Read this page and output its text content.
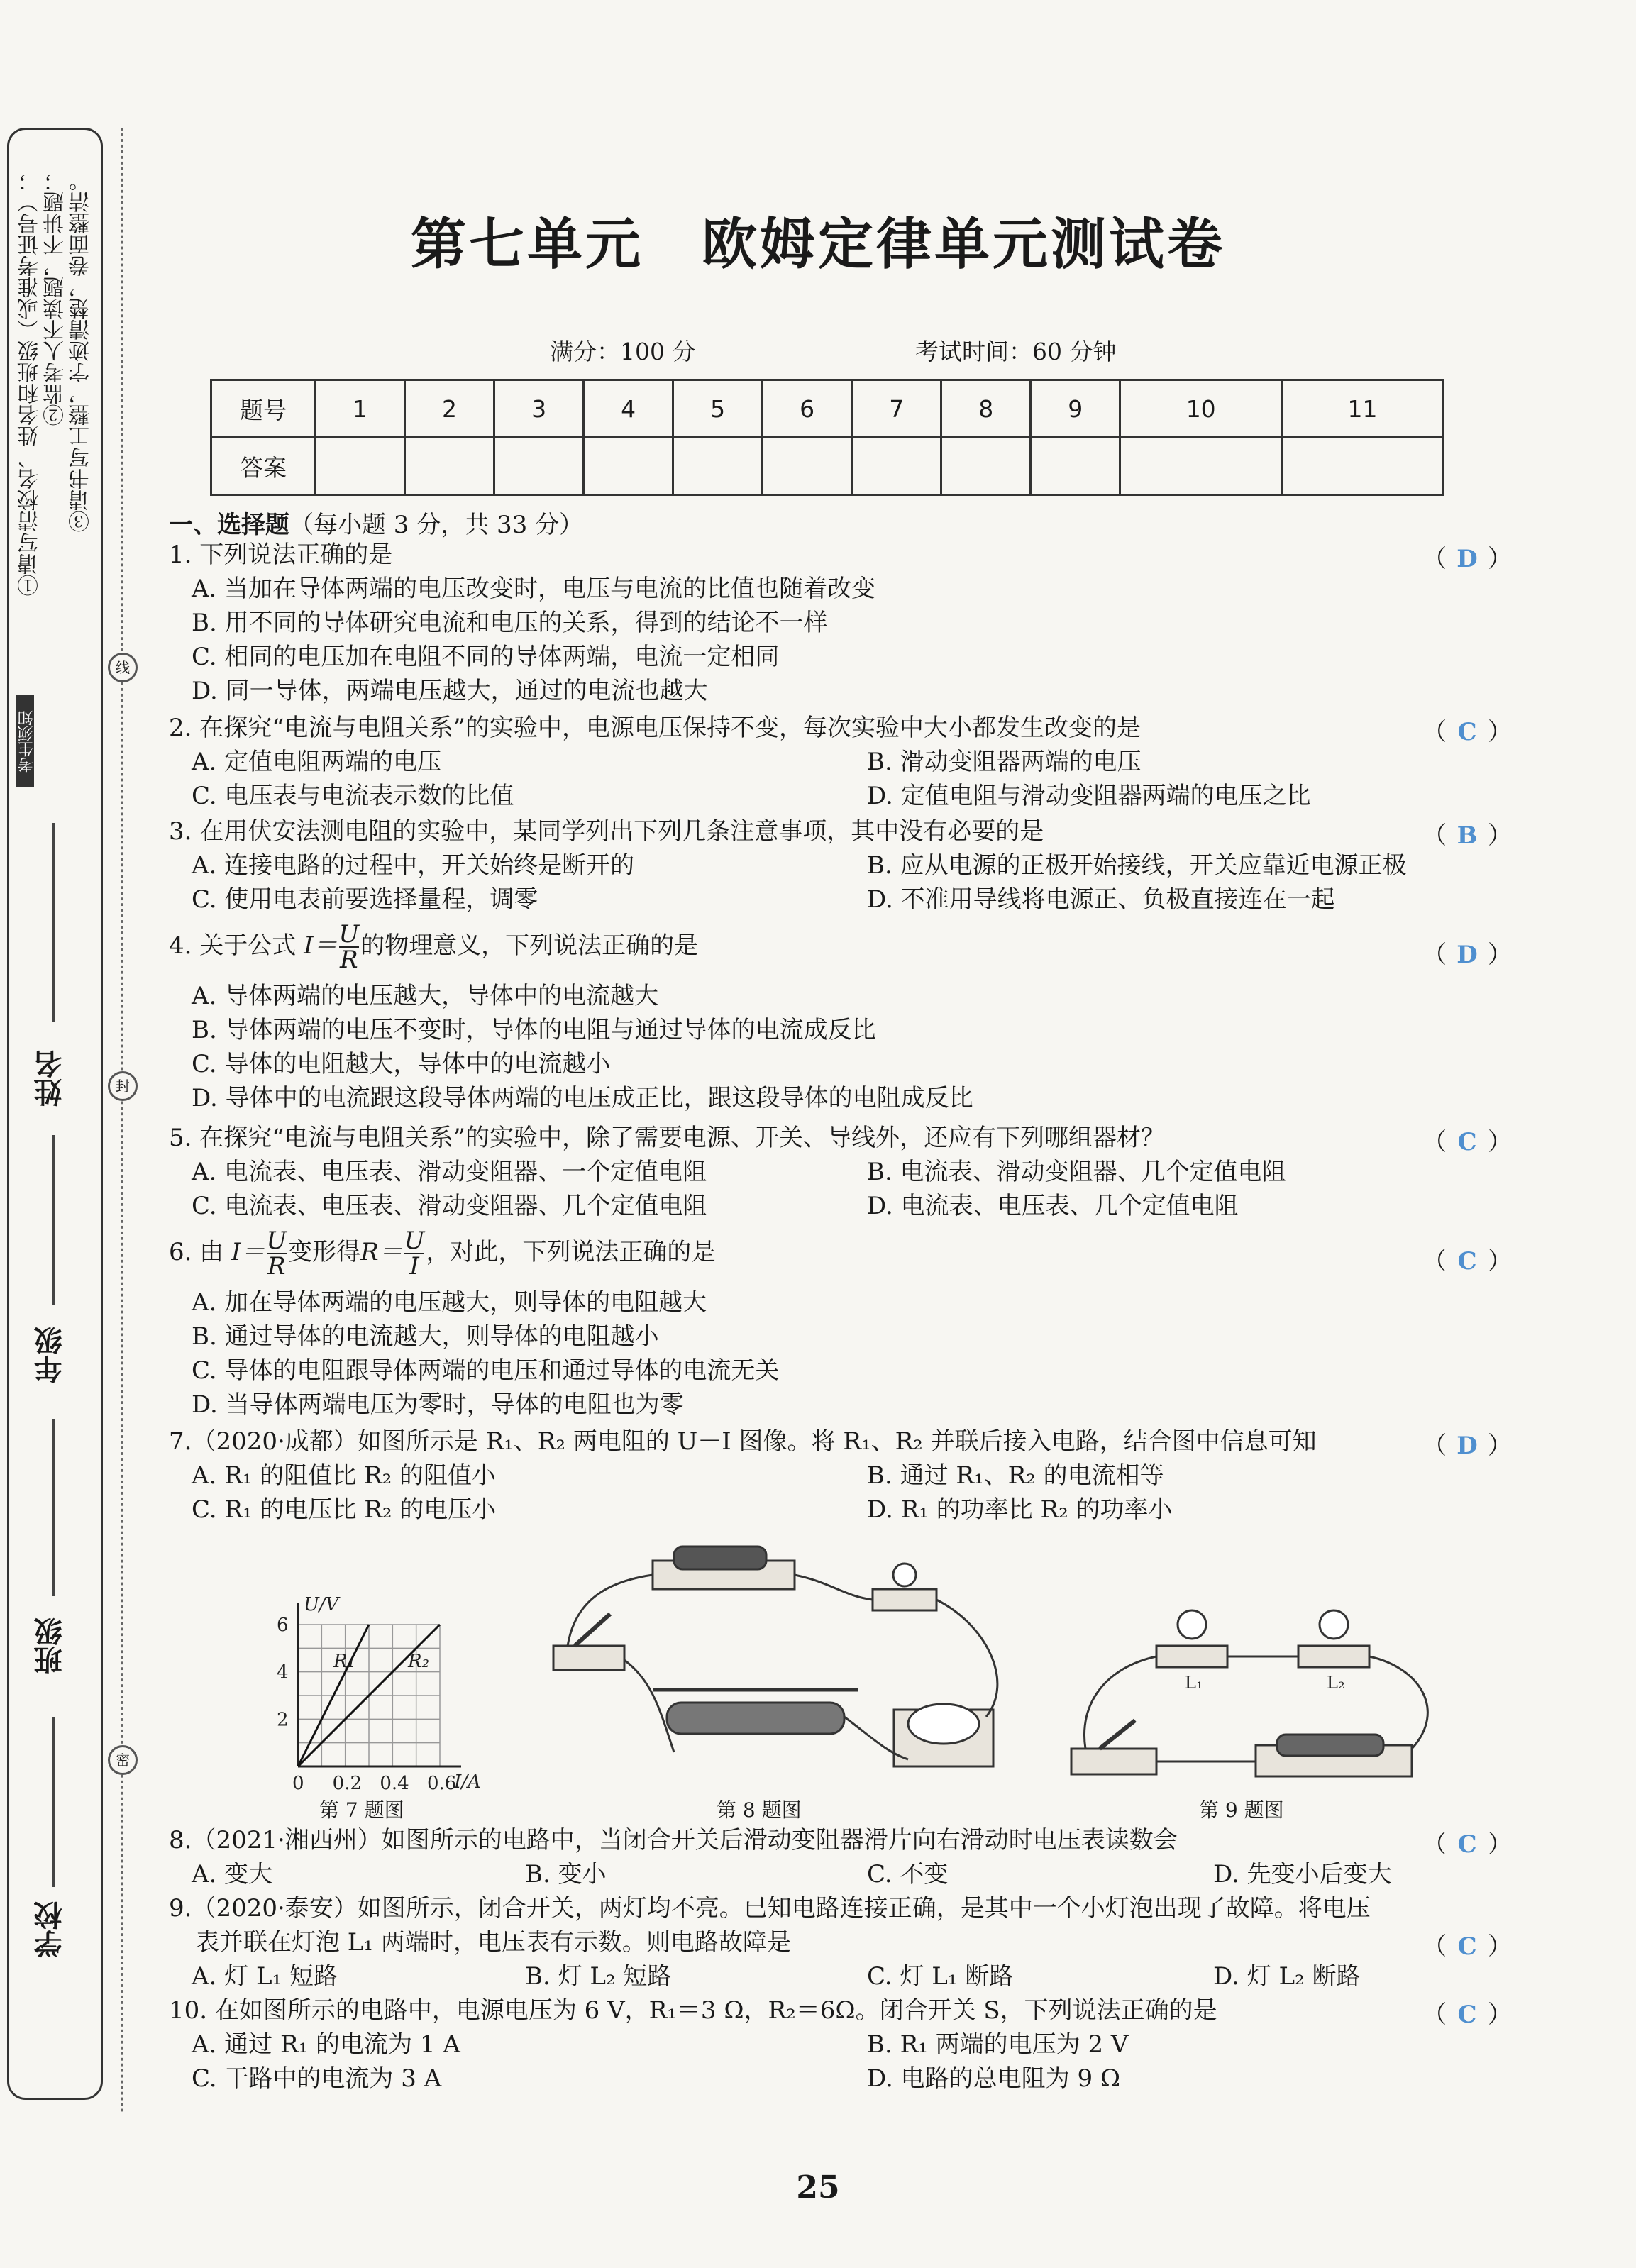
①请写清校名、姓名和班级（或准考证号）； ②监考人不读题，不讲题； ③请书写工整，字迹清楚，卷面整洁。
考生须知
姓名
年级
班级
学校
线
封
密
第七单元　欧姆定律单元测试卷
满分：100 分	考试时间：60 分钟
题号	1	2	3	4	5	6	7	8	9	10	11
答案											
一、选择题（每小题 3 分，共 33 分）
1. 下列说法正确的是	（ D ）
A. 当加在导体两端的电压改变时，电压与电流的比值也随着改变
B. 用不同的导体研究电流和电压的关系，得到的结论不一样
C. 相同的电压加在电阻不同的导体两端，电流一定相同
D. 同一导体，两端电压越大，通过的电流也越大
2. 在探究“电流与电阻关系”的实验中，电源电压保持不变，每次实验中大小都发生改变的是	（ C ）
A. 定值电阻两端的电压	B. 滑动变阻器两端的电压
C. 电压表与电流表示数的比值	D. 定值电阻与滑动变阻器两端的电压之比
3. 在用伏安法测电阻的实验中，某同学列出下列几条注意事项，其中没有必要的是	（ B ）
A. 连接电路的过程中，开关始终是断开的	B. 应从电源的正极开始接线，开关应靠近电源正极
C. 使用电表前要选择量程，调零	D. 不准用导线将电源正、负极直接连在一起
4. 关于公式 $I= \frac{U}{R}$ 的物理意义，下列说法正确的是	（ D ）
A. 导体两端的电压越大，导体中的电流越大
B. 导体两端的电压不变时，导体的电阻与通过导体的电流成反比
C. 导体的电阻越大，导体中的电流越小
D. 导体中的电流跟这段导体两端的电压成正比，跟这段导体的电阻成反比
5. 在探究“电流与电阻关系”的实验中，除了需要电源、开关、导线外，还应有下列哪组器材？	（ C ）
A. 电流表、电压表、滑动变阻器、一个定值电阻	B. 电流表、滑动变阻器、几个定值电阻
C. 电流表、电压表、滑动变阻器、几个定值电阻	D. 电流表、电压表、几个定值电阻
6. 由 $I= \frac{U}{R}$ 变形得$R= \frac{U}{I}$ ，对此，下列说法正确的是	（ C ）
A. 加在导体两端的电压越大，则导体的电阻越大
B. 通过导体的电流越大，则导体的电阻越小
C. 导体的电阻跟导体两端的电压和通过导体的电流无关
D. 当导体两端电压为零时，导体的电阻也为零
7.（2020·成都）如图所示是 R₁、R₂ 两电阻的 U－I 图像。将 R₁、R₂ 并联后接入电路，结合图中信息可知	（ D ）
A. R₁ 的阻值比 R₂ 的阻值小	B. 通过 R₁、R₂ 的电流相等
C. R₁ 的电压比 R₂ 的电压小	D. R₁ 的功率比 R₂ 的功率小
U/V
I/A
6
4
2
0 0.2 0.4 0.6
R₁	R₂
第 7 题图	第 8 题图
L₁	L₂
第 9 题图
8.（2021·湘西州）如图所示的电路中，当闭合开关后滑动变阻器滑片向右滑动时电压表读数会	（ C ）
A. 变大	B. 变小	C. 不变	D. 先变小后变大
9.（2020·泰安）如图所示，闭合开关，两灯均不亮。已知电路连接正确，是其中一个小灯泡出现了故障。将电压
表并联在灯泡 L₁ 两端时，电压表有示数。则电路故障是	（ C ）
A. 灯 L₁ 短路	B. 灯 L₂ 短路	C. 灯 L₁ 断路	D. 灯 L₂ 断路
10. 在如图所示的电路中，电源电压为 6 V，R₁＝3 Ω，R₂＝6Ω。闭合开关 S，下列说法正确的是	（ C ）
A. 通过 R₁ 的电流为 1 A	B. R₁ 两端的电压为 2 V
C. 干路中的电流为 3 A	D. 电路的总电阻为 9 Ω
25
